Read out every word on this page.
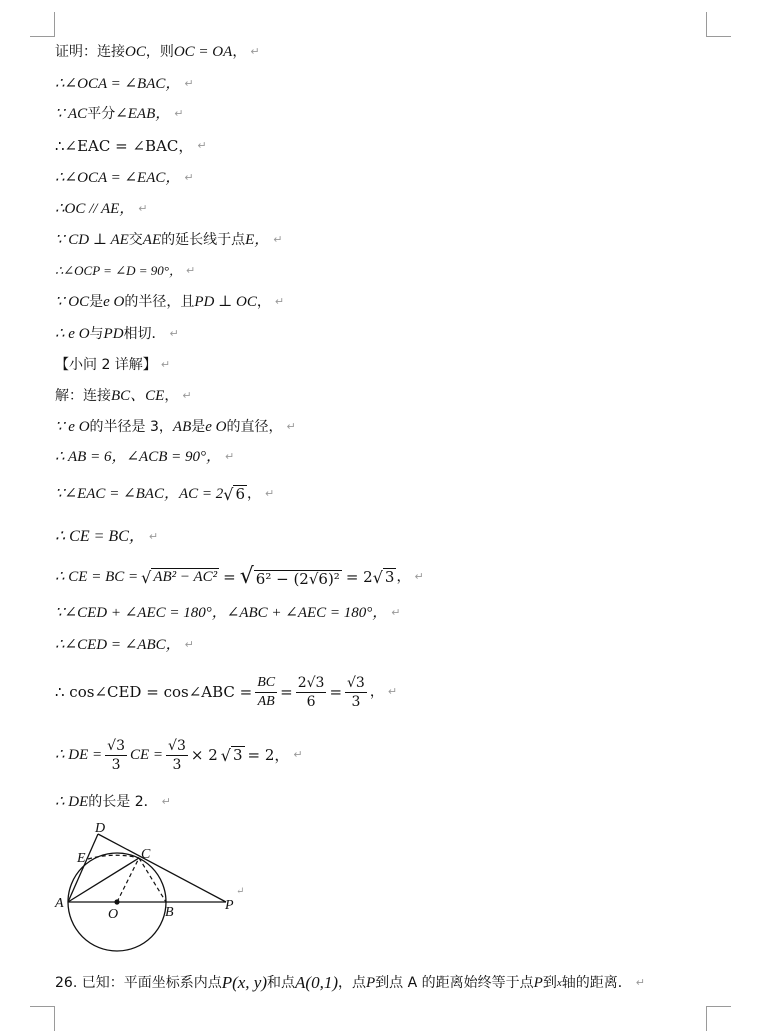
证明：连接 OC ，则 OC = OA ， ↵
∴∠OCA = ∠BAC， ↵
∵ AC 平分 ∠EAB， ↵
∴∠EAC = ∠BAC， ↵
∴∠OCA = ∠EAC， ↵
∴OC // AE， ↵
∵ CD ⊥ AE 交 AE 的延长线于点 E， ↵
∴∠OCP = ∠D = 90°， ↵
∵ OC 是 e O 的半径，且 PD ⊥ OC ， ↵
∴ e O 与 PD 相切． ↵
【小问 2 详解】 ↵
解：连接 BC、CE ， ↵
∵ e O 的半径是 3， AB 是 e O 的直径， ↵
∴ AB = 6，∠ACB = 90°， ↵
∵∠EAC = ∠BAC，AC = 2 √ 6 ， ↵
∴ CE = BC， ↵
∴ CE = BC = √ AB² − AC² = √ 6² − (2√6)² = 2 √ 3 ， ↵
∵∠CED + ∠AEC = 180°，∠ABC + ∠AEC = 180°， ↵
∴∠CED = ∠ABC， ↵
∴ cos∠CED = cos∠ABC = $\frac{BC}{AB} = \frac{2√3}{6} = \frac{√3}{3}$ ， ↵
∴ DE = $\frac{√3}{3}$ CE = $\frac{√3}{3} \times 2$ √ 3 = 2， ↵
∴ DE 的长是 2． ↵
D
E	C
A
O	B	P
↵
26. 已知：平面坐标系内点 P(x, y) 和点 A(0,1) ，点 P 到点 A 的距离始终等于点 P 到 x 轴的距离． ↵
